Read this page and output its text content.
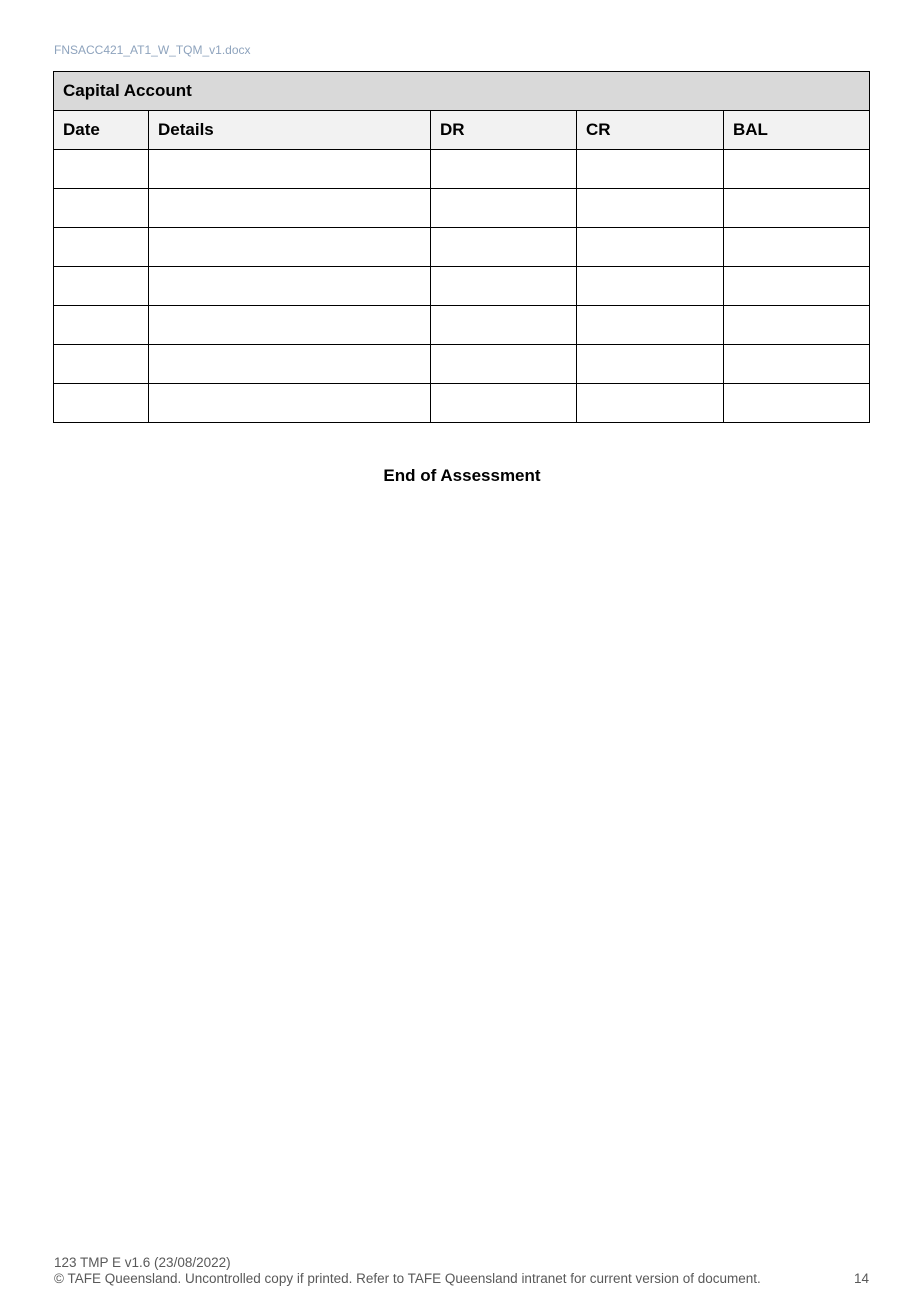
FNSACC421_AT1_W_TQM_v1.docx
Capital Account				
Date	Details	DR	CR	BAL

End of Assessment
123 TMP E v1.6 (23/08/2022)
© TAFE Queensland. Uncontrolled copy if printed. Refer to TAFE Queensland intranet for current version of document.	14
